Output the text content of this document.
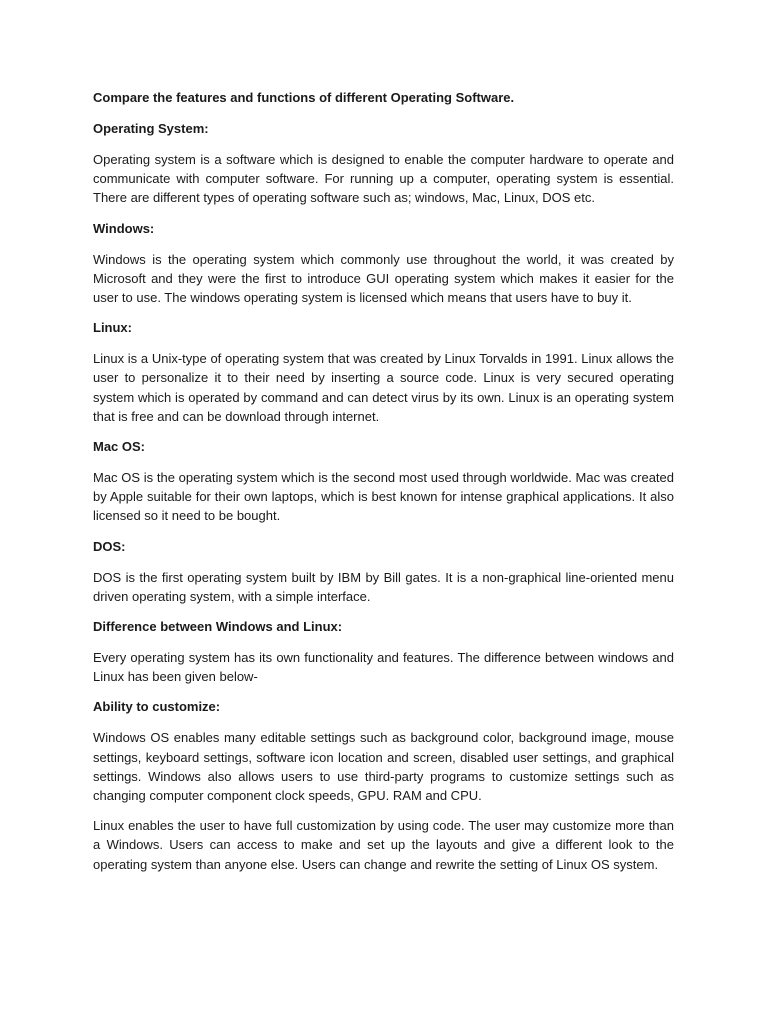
Compare the features and functions of different Operating Software.
Operating System:
Operating system is a software which is designed to enable the computer hardware to operate and communicate with computer software. For running up a computer, operating system is essential. There are different types of operating software such as; windows, Mac, Linux, DOS etc.
Windows:
Windows is the operating system which commonly use throughout the world, it was created by Microsoft and they were the first to introduce GUI operating system which makes it easier for the user to use. The windows operating system is licensed which means that users have to buy it.
Linux:
Linux is a Unix-type of operating system that was created by Linux Torvalds in 1991. Linux allows the user to personalize it to their need by inserting a source code. Linux is very secured operating system which is operated by command and can detect virus by its own. Linux is an operating system that is free and can be download through internet.
Mac OS:
Mac OS is the operating system which is the second most used through worldwide. Mac was created by Apple suitable for their own laptops, which is best known for intense graphical applications. It also licensed so it need to be bought.
DOS:
DOS is the first operating system built by IBM by Bill gates. It is a non-graphical line-oriented menu driven operating system, with a simple interface.
Difference between Windows and Linux:
Every operating system has its own functionality and features. The difference between windows and Linux has been given below-
Ability to customize:
Windows OS enables many editable settings such as background color, background image, mouse settings, keyboard settings, software icon location and screen, disabled user settings, and graphical settings. Windows also allows users to use third-party programs to customize settings such as changing computer component clock speeds, GPU. RAM and CPU.
Linux enables the user to have full customization by using code. The user may customize more than a Windows. Users can access to make and set up the layouts and give a different look to the operating system than anyone else. Users can change and rewrite the setting of Linux OS system.
